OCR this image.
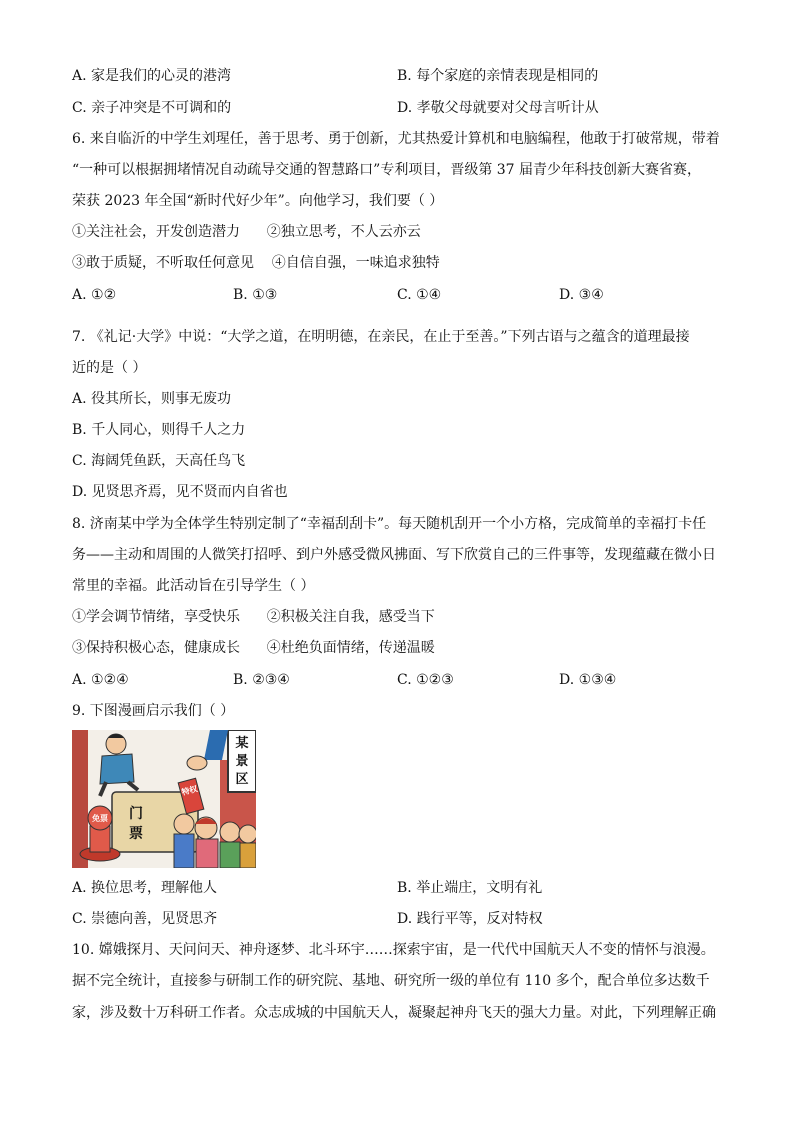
A. 家是我们的心灵的港湾	B. 每个家庭的亲情表现是相同的
C. 亲子冲突是不可调和的	D. 孝敬父母就要对父母言听计从
6. 来自临沂的中学生刘瑆任，善于思考、勇于创新，尤其热爱计算机和电脑编程，他敢于打破常规，带着
“一种可以根据拥堵情况自动疏导交通的智慧路口”专利项目，晋级第 37 届青少年科技创新大赛省赛，
荣获 2023 年全国“新时代好少年”。向他学习，我们要（ ）
①关注社会，开发创造潜力      ②独立思考，不人云亦云
③敢于质疑，不听取任何意见    ④自信自强，一味追求独特
A. ①②	B. ①③	C. ①④	D. ③④
7. 《礼记·大学》中说：“大学之道，在明明德，在亲民，在止于至善。”下列古语与之蕴含的道理最接
近的是（ ）
A. 役其所长，则事无废功
B. 千人同心，则得千人之力
C. 海阔凭鱼跃，天高任鸟飞
D. 见贤思齐焉，见不贤而内自省也
8. 济南某中学为全体学生特别定制了“幸福刮刮卡”。每天随机刮开一个小方格，完成简单的幸福打卡任
务——主动和周围的人微笑打招呼、到户外感受微风拂面、写下欣赏自己的三件事等，发现蕴藏在微小日
常里的幸福。此活动旨在引导学生（ ）
①学会调节情绪，享受快乐      ②积极关注自我，感受当下
③保持积极心态，健康成长      ④杜绝负面情绪，传递温暖
A. ①②④	B. ②③④	C. ①②③	D. ①③④
9. 下图漫画启示我们（ ）
某
景
区
门
票
特权
免票
A. 换位思考，理解他人	B. 举止端庄，文明有礼
C. 崇德向善，见贤思齐	D. 践行平等，反对特权
10. 嫦娥探月、天问问天、神舟逐梦、北斗环宇……探索宇宙，是一代代中国航天人不变的情怀与浪漫。
据不完全统计，直接参与研制工作的研究院、基地、研究所一级的单位有 110 多个，配合单位多达数千
家，涉及数十万科研工作者。众志成城的中国航天人，凝聚起神舟飞天的强大力量。对此，下列理解正确
